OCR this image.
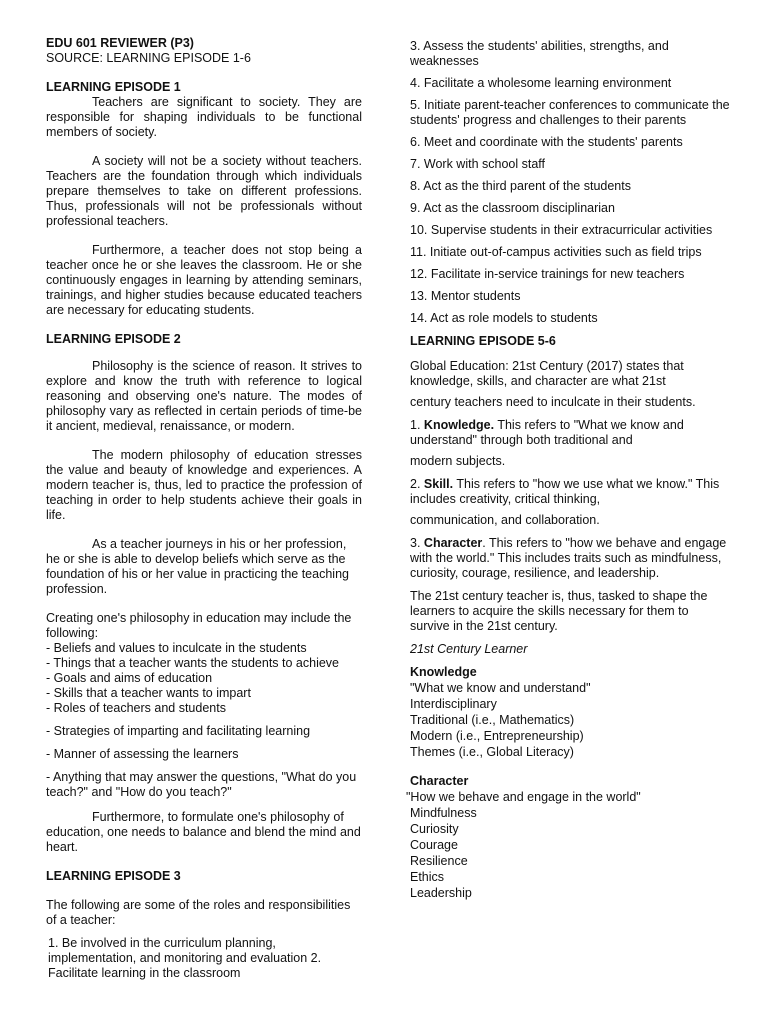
EDU 601 REVIEWER (P3)

SOURCE: LEARNING EPISODE 1-6

LEARNING EPISODE 1

Teachers are significant to society. They are responsible for shaping individuals to be functional members of society.

A society will not be a society without teachers. Teachers are the foundation through which individuals prepare themselves to take on different professions. Thus, professionals will not be professionals without professional teachers.

Furthermore, a teacher does not stop being a teacher once he or she leaves the classroom. He or she continuously engages in learning by attending seminars, trainings, and higher studies because educated teachers are necessary for educating students.

LEARNING EPISODE 2

Philosophy is the science of reason. It strives to explore and know the truth with reference to logical reasoning and observing one's nature. The modes of philosophy vary as reflected in certain periods of time-be it ancient, medieval, renaissance, or modern.

The modern philosophy of education stresses the value and beauty of knowledge and experiences. A modern teacher is, thus, led to practice the profession of teaching in order to help students achieve their goals in life.

As a teacher journeys in his or her profession, he or she is able to develop beliefs which serve as the foundation of his or her value in practicing the teaching profession.

Creating one's philosophy in education may include the following:

- Beliefs and values to inculcate in the students
- Things that a teacher wants the students to achieve
- Goals and aims of education
- Skills that a teacher wants to impart
- Roles of teachers and students

- Strategies of imparting and facilitating learning

- Manner of assessing the learners

- Anything that may answer the questions, "What do you teach?" and "How do you teach?"

Furthermore, to formulate one's philosophy of education, one needs to balance and blend the mind and heart.

LEARNING EPISODE 3

The following are some of the roles and responsibilities of a teacher:

1. Be involved in the curriculum planning, implementation, and monitoring and evaluation 2. Facilitate learning in the classroom

3. Assess the students' abilities, strengths, and weaknesses

4. Facilitate a wholesome learning environment

5. Initiate parent-teacher conferences to communicate the students' progress and challenges to their parents

6. Meet and coordinate with the students' parents

7. Work with school staff

8. Act as the third parent of the students

9. Act as the classroom disciplinarian

10. Supervise students in their extracurricular activities

11. Initiate out-of-campus activities such as field trips

12. Facilitate in-service trainings for new teachers

13. Mentor students

14. Act as role models to students

LEARNING EPISODE 5-6

Global Education: 21st Century (2017) states that knowledge, skills, and character are what 21st

century teachers need to inculcate in their students.

1. Knowledge. This refers to "What we know and understand" through both traditional and

modern subjects.

2. Skill. This refers to "how we use what we know." This includes creativity, critical thinking,

communication, and collaboration.

3. Character. This refers to "how we behave and engage with the world." This includes traits such as mindfulness, curiosity, courage, resilience, and leadership.

The 21st century teacher is, thus, tasked to shape the learners to acquire the skills necessary for them to survive in the 21st century.

21st Century Learner

Knowledge

"What we know and understand"
Interdisciplinary
Traditional (i.e., Mathematics)
Modern (i.e., Entrepreneurship)
Themes (i.e., Global Literacy)

Character

"How we behave and engage in the world"
Mindfulness
Curiosity
Courage
Resilience
Ethics
Leadership
